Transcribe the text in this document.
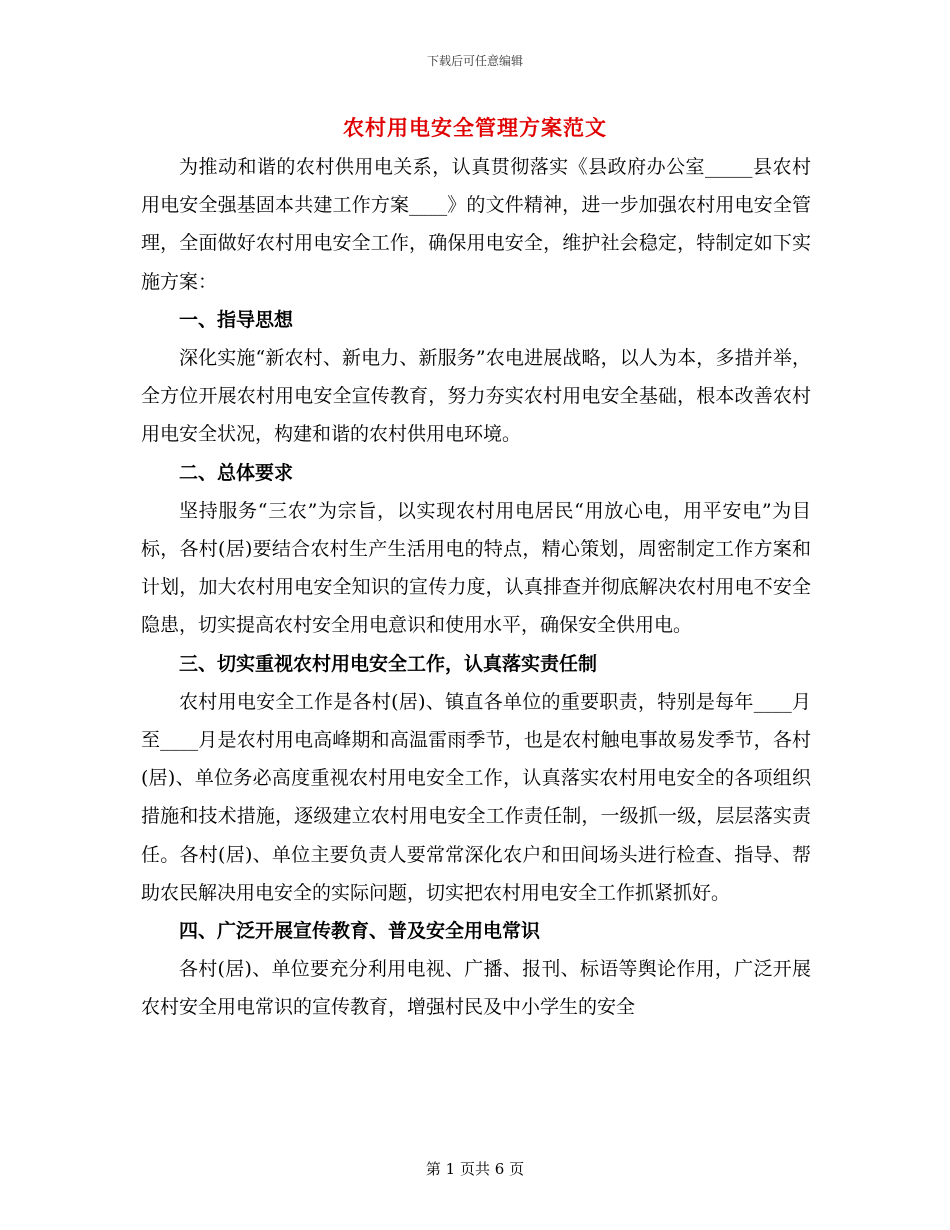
下载后可任意编辑
农村用电安全管理方案范文

为推动和谐的农村供用电关系，认真贯彻落实《县政府办公室_____县农村用电安全强基固本共建工作方案____》的文件精神，进一步加强农村用电安全管理，全面做好农村用电安全工作，确保用电安全，维护社会稳定，特制定如下实施方案：

一、指导思想

深化实施“新农村、新电力、新服务”农电进展战略，以人为本，多措并举，全方位开展农村用电安全宣传教育，努力夯实农村用电安全基础，根本改善农村用电安全状况，构建和谐的农村供用电环境。

二、总体要求

坚持服务“三农”为宗旨，以实现农村用电居民“用放心电，用平安电”为目标，各村(居)要结合农村生产生活用电的特点，精心策划，周密制定工作方案和计划，加大农村用电安全知识的宣传力度，认真排查并彻底解决农村用电不安全隐患，切实提高农村安全用电意识和使用水平，确保安全供用电。

三、切实重视农村用电安全工作，认真落实责任制

农村用电安全工作是各村(居)、镇直各单位的重要职责，特别是每年____月至____月是农村用电高峰期和高温雷雨季节，也是农村触电事故易发季节，各村(居)、单位务必高度重视农村用电安全工作，认真落实农村用电安全的各项组织措施和技术措施，逐级建立农村用电安全工作责任制，一级抓一级，层层落实责任。各村(居)、单位主要负责人要常常深化农户和田间场头进行检查、指导、帮助农民解决用电安全的实际问题，切实把农村用电安全工作抓紧抓好。

四、广泛开展宣传教育、普及安全用电常识

各村(居)、单位要充分利用电视、广播、报刊、标语等舆论作用，广泛开展农村安全用电常识的宣传教育，增强村民及中小学生的安全

第 1 页共 6 页
